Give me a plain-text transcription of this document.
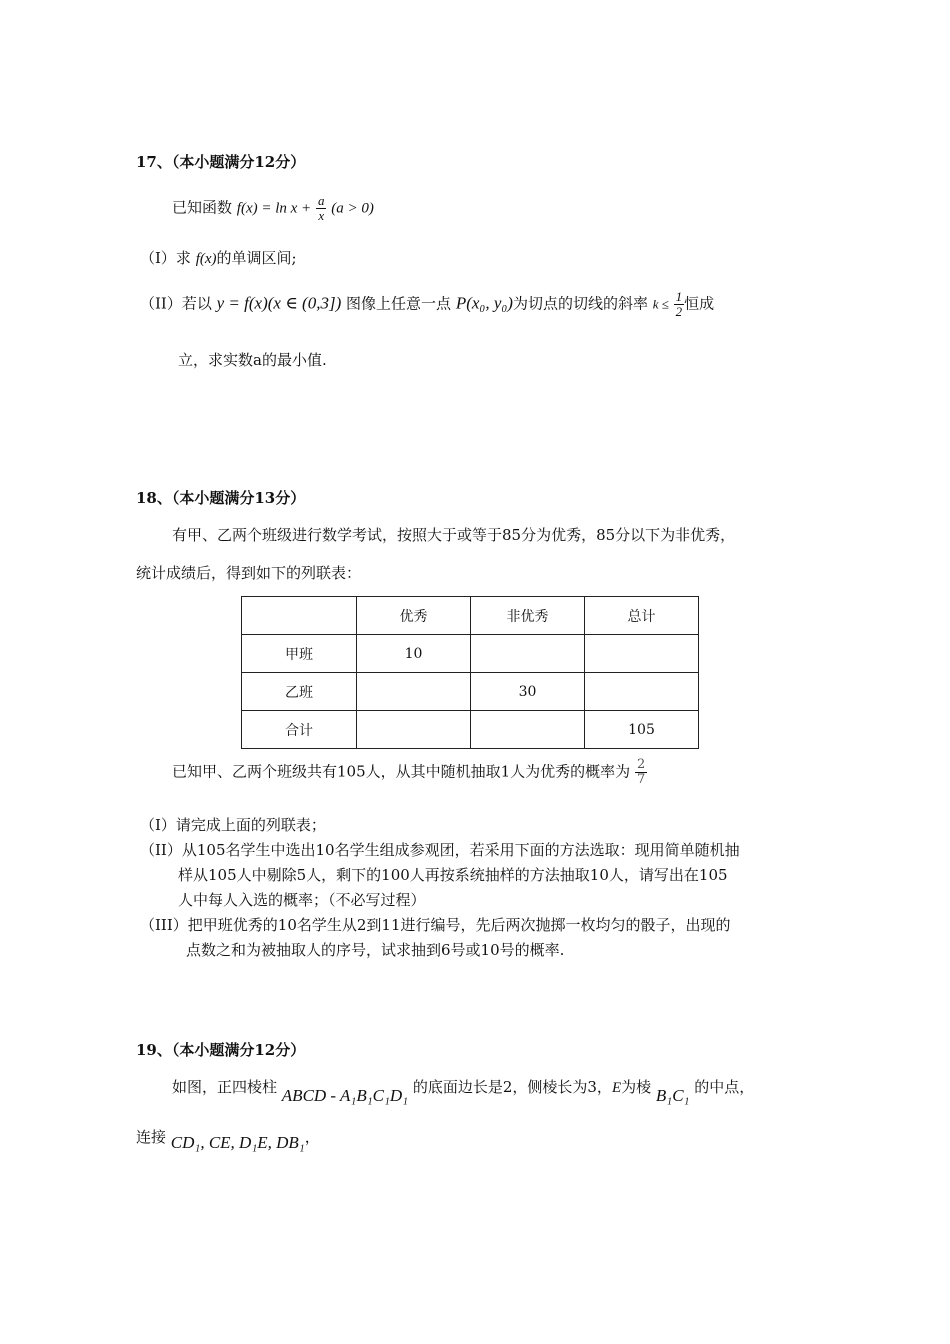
17、（本小题满分12分）
已知函数 $f(x) = \ln x + \frac{a}{x} (a > 0)$
（I）求 f(x)的单调区间;
（II）若以 y = f(x)(x ∈ (0,3]) 图像上任意一点 P(x₀, y₀)为切点的切线的斜率 $k \le \frac{1}{2}$ 恒成
立，求实数a的最小值.
18、（本小题满分13分）
有甲、乙两个班级进行数学考试，按照大于或等于85分为优秀，85分以下为非优秀，
统计成绩后，得到如下的列联表：
	优秀	非优秀	总计
甲班	10		
乙班		30	
合计			105
已知甲、乙两个班级共有105人，从其中随机抽取1人为优秀的概率为 $\frac{2}{7}$
（I）请完成上面的列联表；
（II）从105名学生中选出10名学生组成参观团，若采用下面的方法选取：现用简单随机抽
样从105人中剔除5人，剩下的100人再按系统抽样的方法抽取10人，请写出在105
人中每人入选的概率；（不必写过程）
（III）把甲班优秀的10名学生从2到11进行编号，先后两次抛掷一枚均匀的骰子，出现的
点数之和为被抽取人的序号，试求抽到6号或10号的概率.
19、（本小题满分12分）
如图，正四棱柱 ABCD - A₁B₁C₁D₁ 的底面边长是2，侧棱长为3，E为棱 B₁C₁ 的中点，
连接 CD₁, CE, D₁E, DB₁，
